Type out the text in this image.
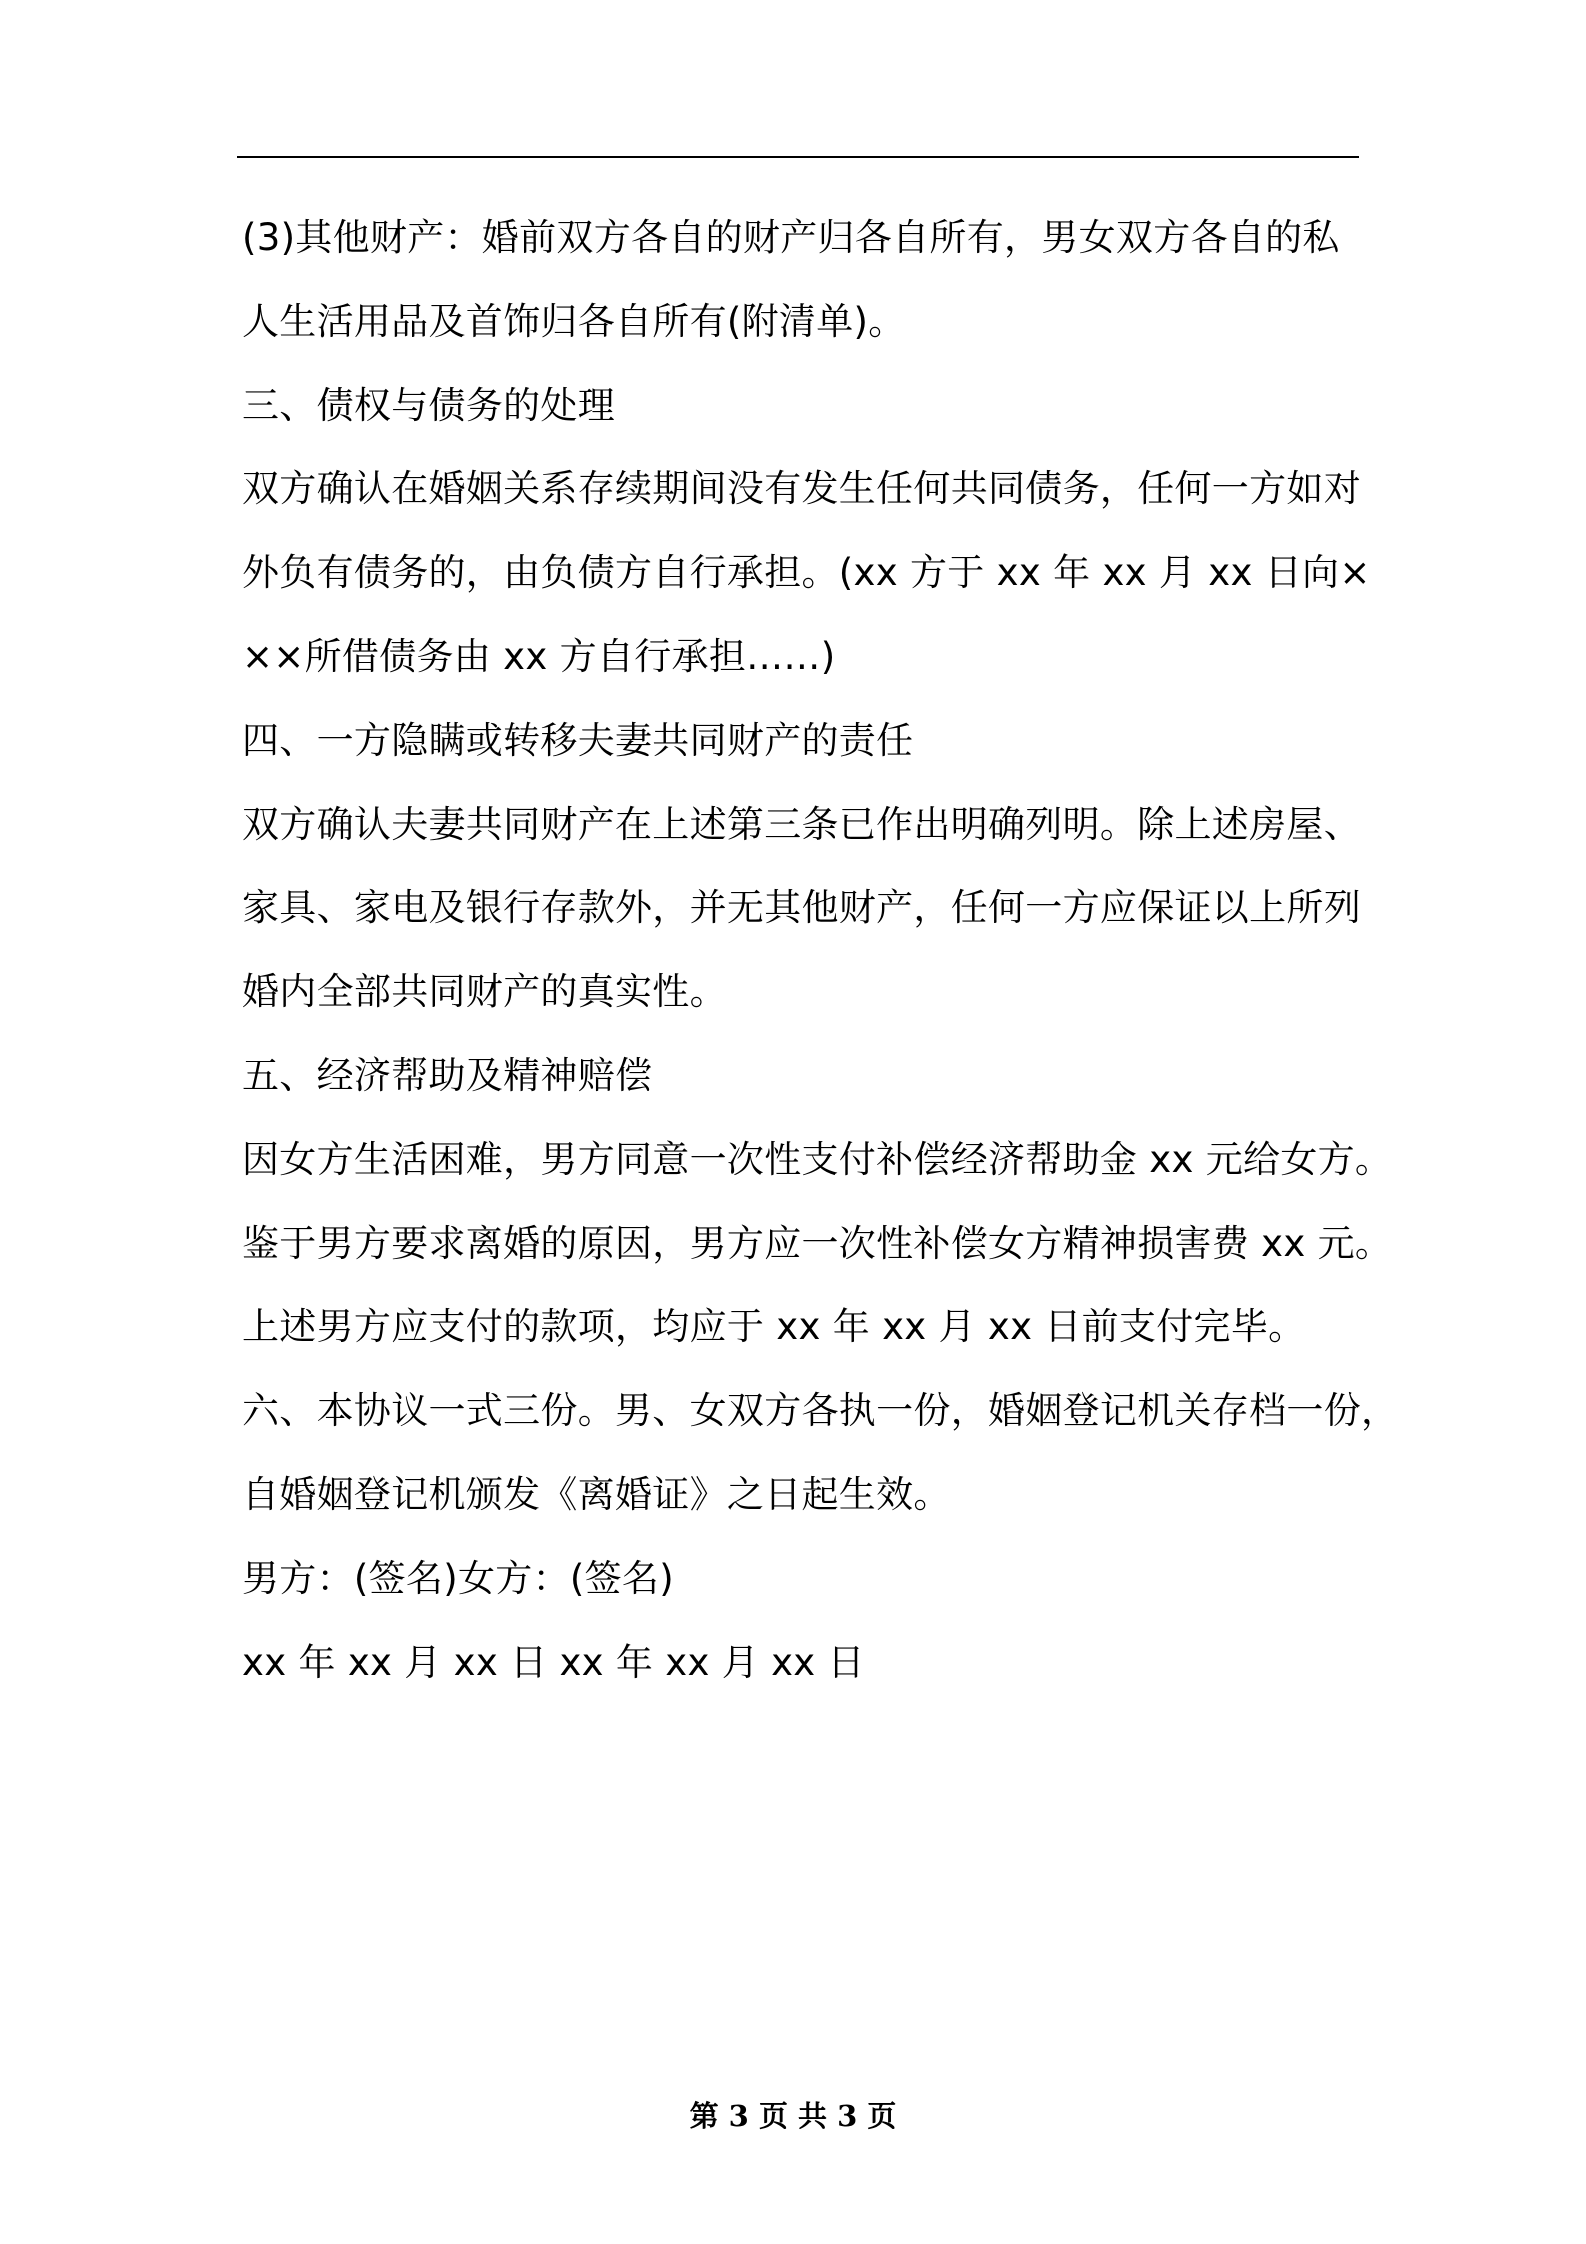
(3)其他财产：婚前双方各自的财产归各自所有，男女双方各自的私
人生活用品及首饰归各自所有(附清单)。
三、债权与债务的处理
双方确认在婚姻关系存续期间没有发生任何共同债务，任何一方如对
外负有债务的，由负债方自行承担。(xx 方于 xx 年 xx 月 xx 日向×
××所借债务由 xx 方自行承担……)
四、一方隐瞒或转移夫妻共同财产的责任
双方确认夫妻共同财产在上述第三条已作出明确列明。除上述房屋、
家具、家电及银行存款外，并无其他财产，任何一方应保证以上所列
婚内全部共同财产的真实性。
五、经济帮助及精神赔偿
因女方生活困难，男方同意一次性支付补偿经济帮助金 xx 元给女方。
鉴于男方要求离婚的原因，男方应一次性补偿女方精神损害费 xx 元。
上述男方应支付的款项，均应于 xx 年 xx 月 xx 日前支付完毕。
六、本协议一式三份。男、女双方各执一份，婚姻登记机关存档一份，
自婚姻登记机颁发《离婚证》之日起生效。
男方：(签名)女方：(签名)
xx 年 xx 月 xx 日 xx 年 xx 月 xx 日
第 3 页 共 3 页
